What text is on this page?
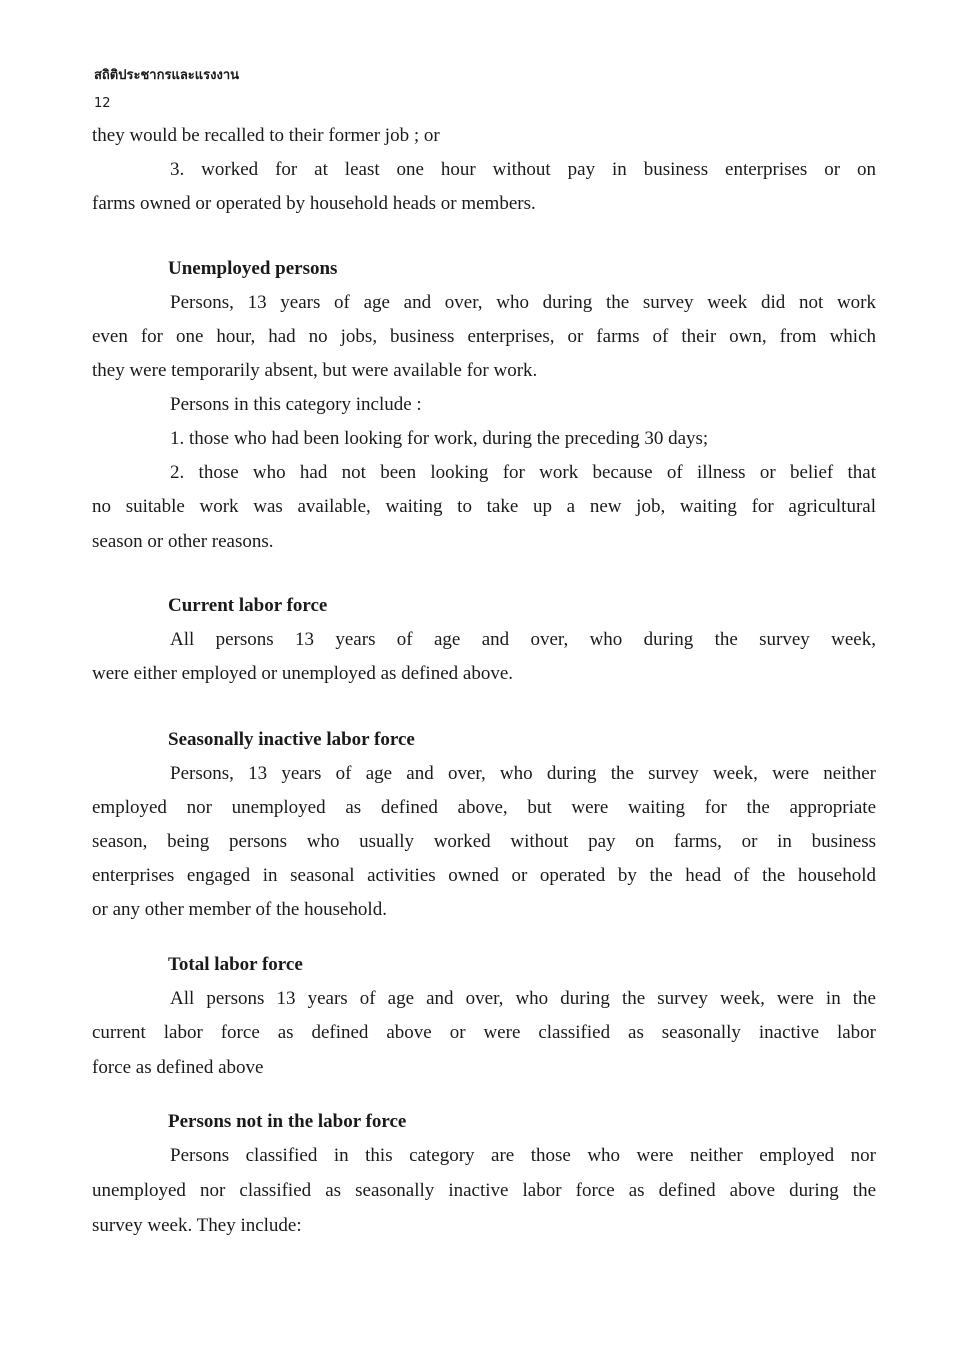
สถิติประชากรและแรงงาน
12
they would be recalled to their former job ; or
3. worked for at least one hour without pay in business enterprises or on
farms owned or operated by household heads or members.
Unemployed persons
Persons, 13 years of age and over, who during the survey week did not work
even for one hour, had no jobs, business enterprises, or farms of their own, from which
they were temporarily absent, but were available for work.
Persons in this category include :
1. those who had been looking for work, during the preceding 30 days;
2. those who had not been looking for work because of illness or belief that
no suitable work was available, waiting to take up a new job, waiting for agricultural
season or other reasons.
Current labor force
All persons 13 years of age and over, who during the survey week,
were either employed or unemployed as defined above.
Seasonally inactive labor force
Persons, 13 years of age and over, who during the survey week, were neither
employed nor unemployed as defined above, but were waiting for the appropriate
season, being persons who usually worked without pay on farms, or in business
enterprises engaged in seasonal activities owned or operated by the head of the household
or any other member of the household.
Total labor force
All persons 13 years of age and over, who during the survey week, were in the
current labor force as defined above or were classified as seasonally inactive labor
force as defined above
Persons not in the labor force
Persons classified in this category are those who were neither employed nor
unemployed nor classified as seasonally inactive labor force as defined above during the
survey week. They include:
